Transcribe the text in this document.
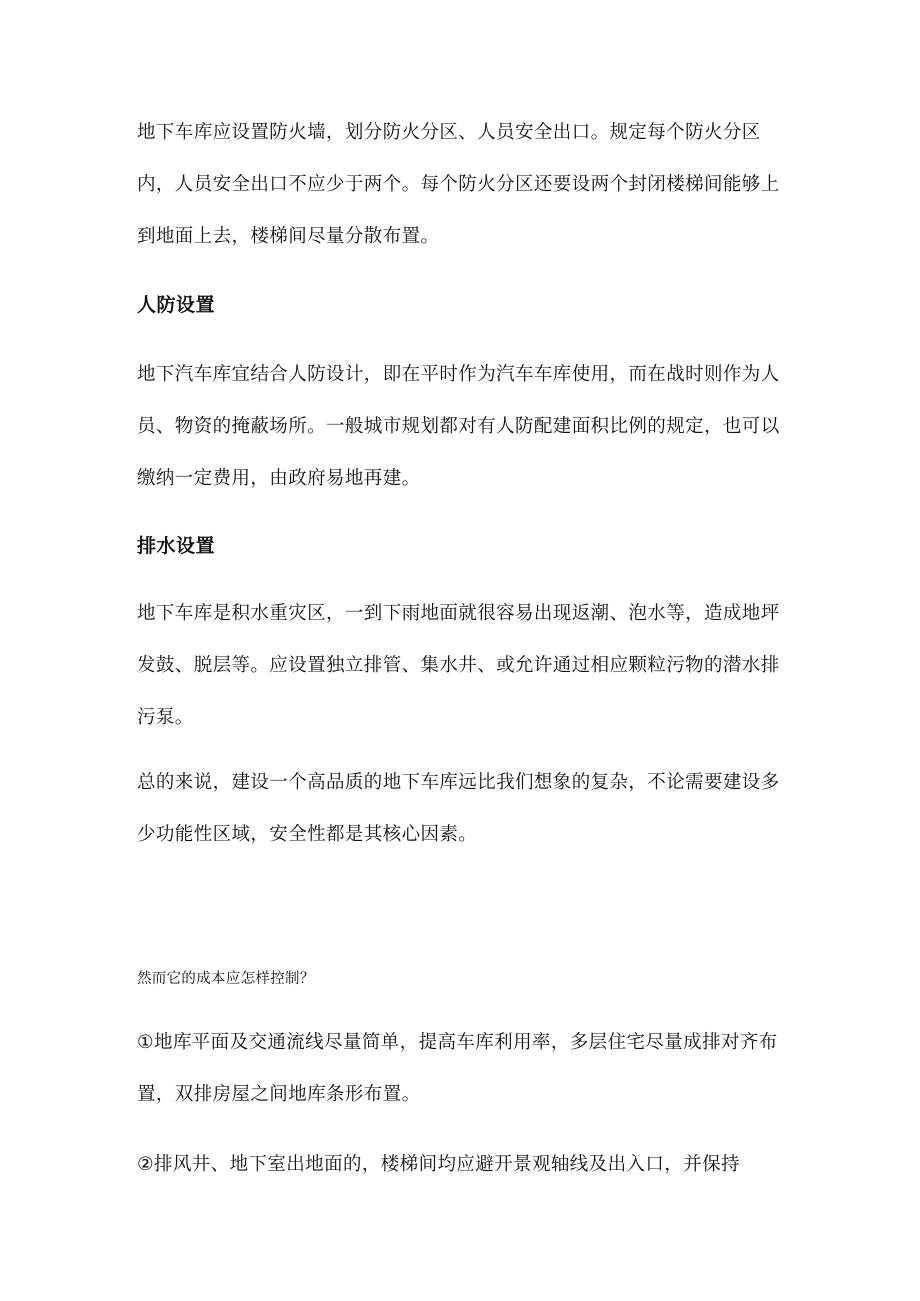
地下车库应设置防火墙，划分防火分区、人员安全出口。规定每个防火分区内，人员安全出口不应少于两个。每个防火分区还要设两个封闭楼梯间能够上到地面上去，楼梯间尽量分散布置。

人防设置

地下汽车库宜结合人防设计，即在平时作为汽车车库使用，而在战时则作为人员、物资的掩蔽场所。一般城市规划都对有人防配建面积比例的规定，也可以缴纳一定费用，由政府易地再建。

排水设置

地下车库是积水重灾区，一到下雨地面就很容易出现返潮、泡水等，造成地坪发鼓、脱层等。应设置独立排管、集水井、或允许通过相应颗粒污物的潜水排污泵。

总的来说，建设一个高品质的地下车库远比我们想象的复杂，不论需要建设多少功能性区域，安全性都是其核心因素。

然而它的成本应怎样控制？

①地库平面及交通流线尽量简单，提高车库利用率，多层住宅尽量成排对齐布置，双排房屋之间地库条形布置。

②排风井、地下室出地面的，楼梯间均应避开景观轴线及出入口，并保持
